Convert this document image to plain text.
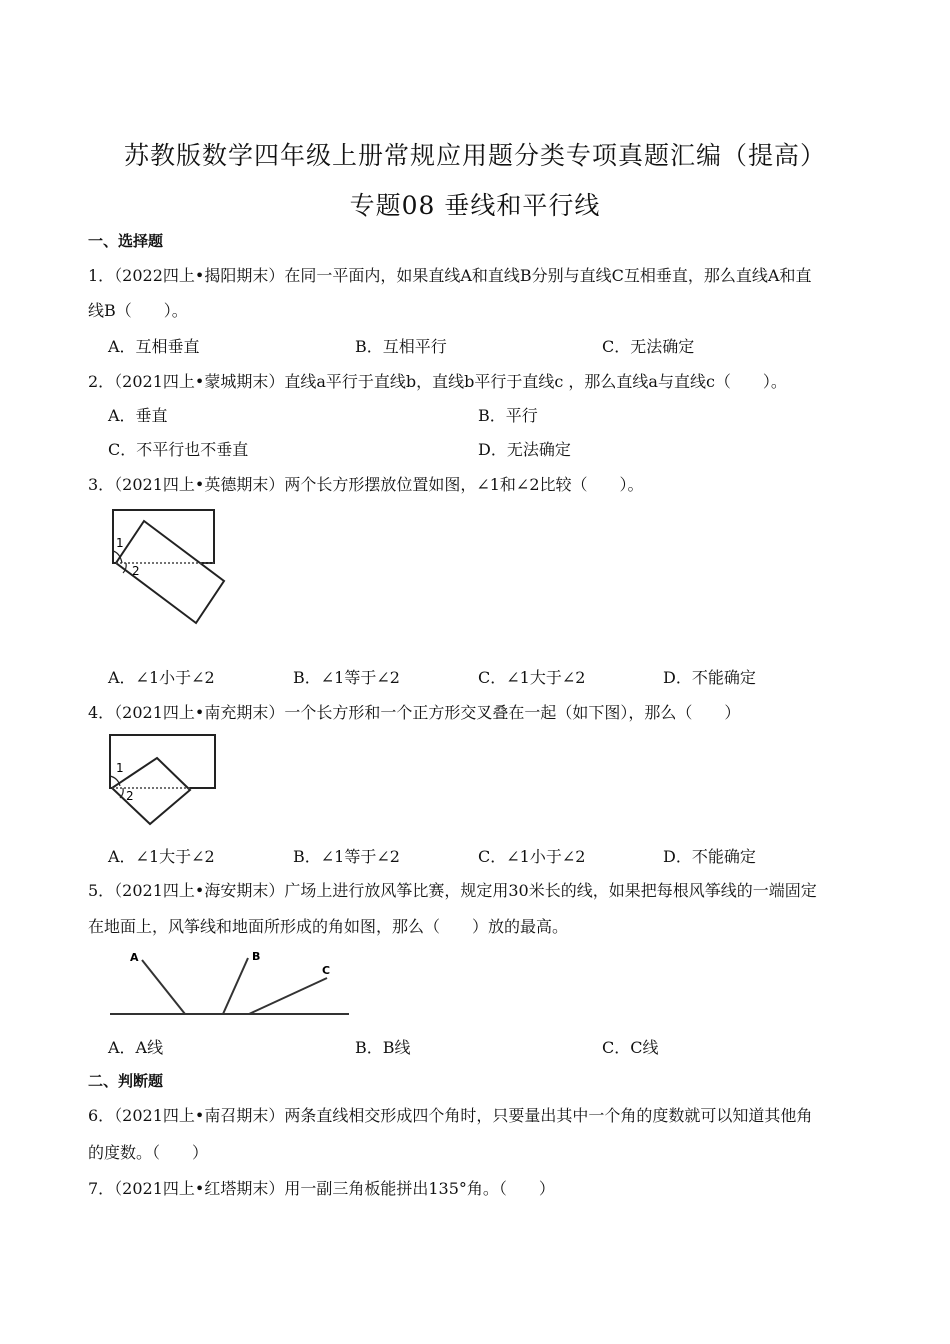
苏教版数学四年级上册常规应用题分类专项真题汇编（提高）
专题08 垂线和平行线
一、选择题
1．（2022四上•揭阳期末）在同一平面内，如果直线A和直线B分别与直线C互相垂直，那么直线A和直
线B（　　）。
A．互相垂直	B．互相平行	C．无法确定
2．（2021四上•蒙城期末）直线a平行于直线b，直线b平行于直线c ，那么直线a与直线c（　　）。
A．垂直	B．平行
C．不平行也不垂直	D．无法确定
3．（2021四上•英德期末）两个长方形摆放位置如图，∠1和∠2比较（　　）。
1
2
A．∠1小于∠2	B．∠1等于∠2	C．∠1大于∠2	D．不能确定
4．（2021四上•南充期末）一个长方形和一个正方形交叉叠在一起（如下图），那么（　　）
1
2
A．∠1大于∠2	B．∠1等于∠2	C．∠1小于∠2	D．不能确定
5．（2021四上•海安期末）广场上进行放风筝比赛，规定用30米长的线，如果把每根风筝线的一端固定
在地面上，风筝线和地面所形成的角如图，那么（　　）放的最高。
A	B
C
A．A线	B．B线	C．C线
二、判断题
6．（2021四上•南召期末）两条直线相交形成四个角时，只要量出其中一个角的度数就可以知道其他角
的度数。（　　）
7．（2021四上•红塔期末）用一副三角板能拼出135°角。（　　）
